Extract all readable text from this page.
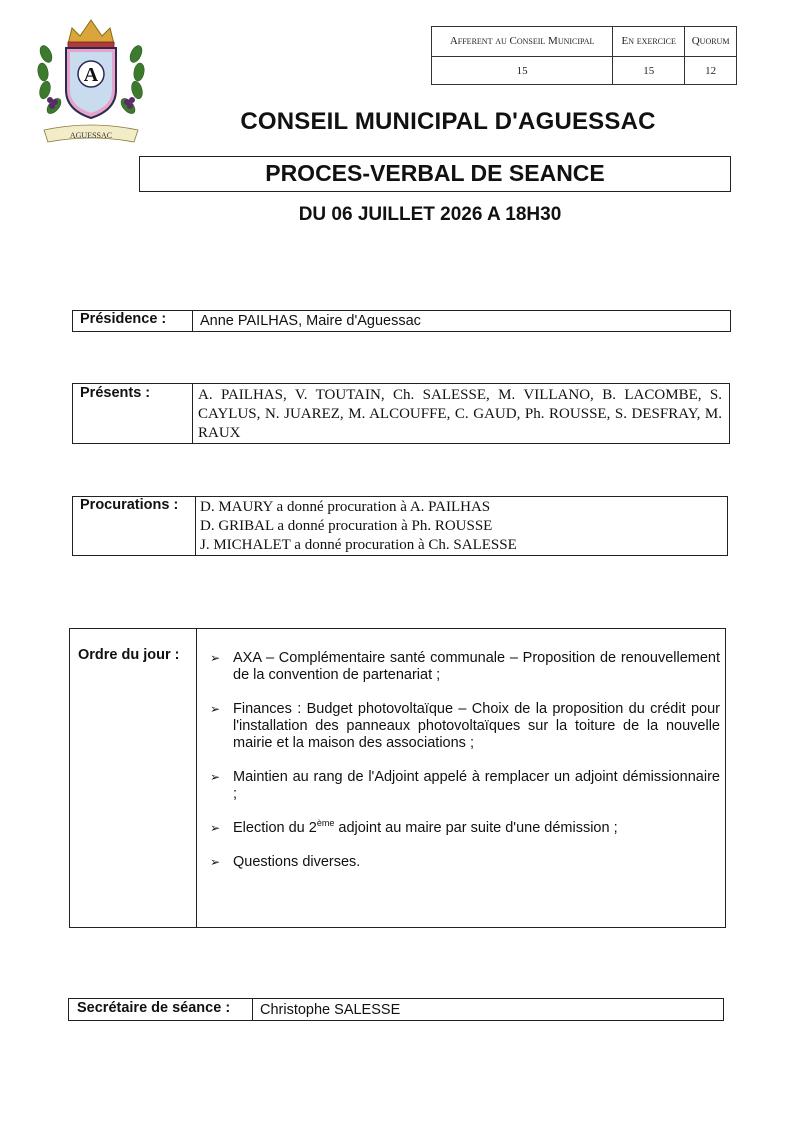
A
AGUESSAC
Afferent au Conseil Municipal	En exercice	Quorum
15	15	12
CONSEIL MUNICIPAL D'AGUESSAC
PROCES-VERBAL DE SEANCE
DU 06 JUILLET 2026 A 18H30
Présidence : Anne PAILHAS, Maire d'Aguessac
Présents :	A. PAILHAS, V. TOUTAIN, Ch. SALESSE, M. VILLANO, B. LACOMBE, S. CAYLUS, N. JUAREZ, M. ALCOUFFE, C. GAUD, Ph. ROUSSE, S. DESFRAY, M. RAUX
Procurations : D. MAURY a donné procuration à A. PAILHAS
D. GRIBAL a donné procuration à Ph. ROUSSE
J. MICHALET a donné procuration à Ch. SALESSE
Ordre du jour :	➢ AXA – Complémentaire santé communale – Proposition de renouvellement de la convention de partenariat ;
➢ Finances : Budget photovoltaïque – Choix de la proposition du crédit pour l'installation des panneaux photovoltaïques sur la toiture de la nouvelle mairie et la maison des associations ;
➢ Maintien au rang de l'Adjoint appelé à remplacer un adjoint démissionnaire ;
➢ Election du 2ème adjoint au maire par suite d'une démission ;
➢ Questions diverses.
Secrétaire de séance : Christophe SALESSE
